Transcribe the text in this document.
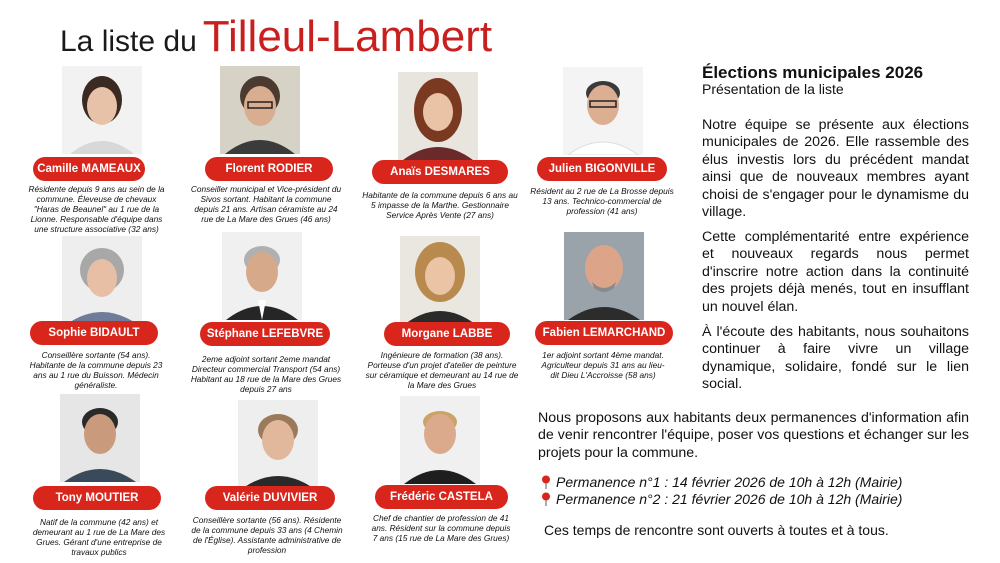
La liste du Tilleul-Lambert
Camille MAMEAUX
Résidente depuis 9 ans au sein de la commune. Éleveuse de chevaux "Haras de Beaunel" au 1 rue de la Lionne. Responsable d'équipe dans une structure associative (32 ans)
Florent RODIER
Conseiller municipal et Vice-président du Sivos sortant. Habitant la commune depuis 21 ans. Artisan céramiste au 24 rue de La Mare des Grues (46 ans)
Anaïs DESMARES
Habitante de la commune depuis 6 ans au 5 impasse de la Marthe. Gestionnaire Service Après Vente (27 ans)
Julien BIGONVILLE
Résident au 2 rue de La Brosse depuis 13 ans. Technico-commercial de profession (41 ans)
Sophie BIDAULT
Conseillère sortante (54 ans). Habitante de la commune depuis 23 ans au 1 rue du Buisson. Médecin généraliste.
Stéphane LEFEBVRE
2eme adjoint sortant 2eme mandat Directeur commercial Transport (54 ans) Habitant au 18 rue de la Mare des Grues depuis 27 ans
Morgane LABBE
Ingénieure de formation (38 ans). Porteuse d'un projet d'atelier de peinture sur céramique et demeurant au 14 rue de la Mare des Grues
Fabien LEMARCHAND
1er adjoint sortant 4ème mandat. Agriculteur depuis 31 ans au lieu-dit Dieu L'Accroisse (58 ans)
Tony MOUTIER
Natif de la commune (42 ans) et demeurant au 1 rue de La Mare des Grues. Gérant d'une entreprise de travaux publics
Valérie DUVIVIER
Conseillère sortante (56 ans). Résidente de la commune depuis 33 ans (4 Chemin de l'Église). Assistante administrative de profession
Frédéric CASTELA
Chef de chantier de profession de 41 ans. Résident sur la commune depuis 7 ans (15 rue de La Mare des Grues)
Élections municipales 2026
Présentation de la liste
Notre équipe se présente aux élections municipales de 2026. Elle rassemble des élus investis lors du précédent mandat ainsi que de nouveaux membres ayant choisi de s'engager pour le dynamisme du village.
Cette complémentarité entre expérience et nouveaux regards nous permet d'inscrire notre action dans la continuité des projets déjà menés, tout en insufflant un nouvel élan.
À l'écoute des habitants, nous souhaitons continuer à faire vivre un village dynamique, solidaire, fondé sur le lien social.
Nous proposons aux habitants deux permanences d'information afin de venir rencontrer l'équipe, poser vos questions et échanger sur les projets pour la commune.
Permanence n°1 : 14 février 2026 de 10h à 12h (Mairie)
Permanence n°2 : 21 février 2026 de 10h à 12h (Mairie)
Ces temps de rencontre sont ouverts à toutes et à tous.
